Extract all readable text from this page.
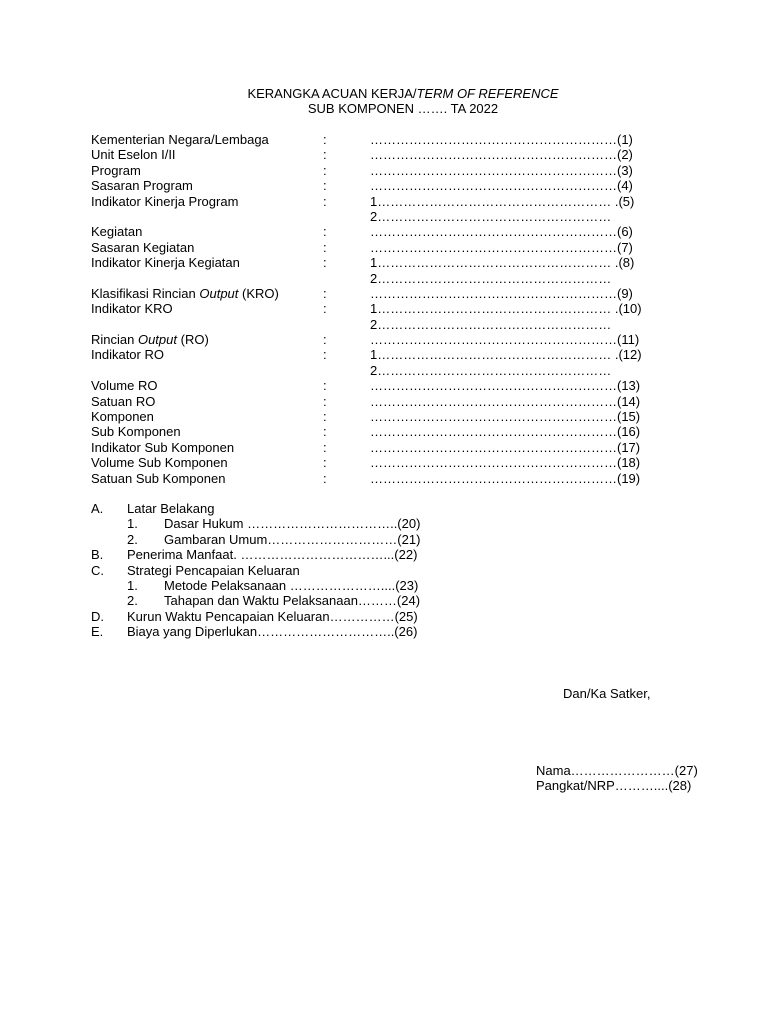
KERANGKA ACUAN KERJA/TERM OF REFERENCE
SUB KOMPONEN ……. TA 2022
Kementerian Negara/Lembaga	:	…………………………………………………(1)
Unit Eselon I/II	:	…………………………………………………(2)
Program	:	…………………………………………………(3)
Sasaran Program	:	…………………………………………………(4)
Indikator Kinerja Program	:	1……………………………………………… .(5)
2………………………………………………
Kegiatan	:	…………………………………………………(6)
Sasaran Kegiatan	:	…………………………………………………(7)
Indikator Kinerja Kegiatan	:	1……………………………………………… .(8)
2………………………………………………
Klasifikasi Rincian Output (KRO)	:	…………………………………………………(9)
Indikator KRO	:	1……………………………………………… .(10)
2………………………………………………
Rincian Output (RO)	:	…………………………………………………(11)
Indikator RO	:	1……………………………………………… .(12)
2………………………………………………
Volume RO	:	…………………………………………………(13)
Satuan RO	:	…………………………………………………(14)
Komponen	:	…………………………………………………(15)
Sub Komponen	:	…………………………………………………(16)
Indikator Sub Komponen	:	…………………………………………………(17)
Volume Sub Komponen	:	…………………………………………………(18)
Satuan Sub Komponen	:	…………………………………………………(19)
A. Latar Belakang
1. Dasar Hukum ……………………………..(20)
2. Gambaran Umum…………………………(21)
B. Penerima Manfaat. ……………………………...(22)
C. Strategi Pencapaian Keluaran
1. Metode Pelaksanaan …………………....(23)
2. Tahapan dan Waktu Pelaksanaan………(24)
D. Kurun Waktu Pencapaian Keluaran……………(25)
E. Biaya yang Diperlukan…………………………..(26)
Dan/Ka Satker,
Nama……………………(27)
Pangkat/NRP………....(28)
